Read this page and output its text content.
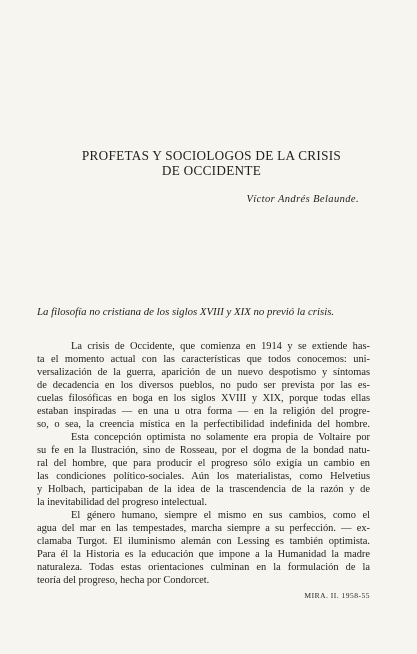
PROFETAS Y SOCIOLOGOS DE LA CRISIS
DE OCCIDENTE
Víctor Andrés Belaunde.
La filosofía no cristiana de los siglos XVIII y XIX no previó la crisis.
La crisis de Occidente, que comienza en 1914 y se extiende has-
ta el momento actual con las características que todos conocemos: uni-
versalización de la guerra, aparición de un nuevo despotismo y síntomas
de decadencia en los diversos pueblos, no pudo ser prevista por las es-
cuelas filosóficas en boga en los siglos XVIII y XIX, porque todas ellas
estaban inspiradas — en una u otra forma — en la religión del progre-
so, o sea, la creencia mística en la perfectibilidad indefinida del hombre.
Esta concepción optimista no solamente era propia de Voltaire por
su fe en la Ilustración, sino de Rosseau, por el dogma de la bondad natu-
ral del hombre, que para producir el progreso sólo exigía un cambio en
las condiciones político-sociales. Aún los materialistas, como Helvetius
y Holbach, participaban de la idea de la trascendencia de la razón y de
la inevitabilidad del progreso intelectual.
El género humano, siempre el mismo en sus cambios, como el
agua del mar en las tempestades, marcha siempre a su perfección. — ex-
clamaba Turgot. El iluminismo alemán con Lessing es también optimista.
Para él la Historia es la educación que impone a la Humanidad la madre
naturaleza. Todas estas orientaciones culminan en la formulación de la
teoría del progreso, hecha por Condorcet.
MIRA. II. 1958-55
